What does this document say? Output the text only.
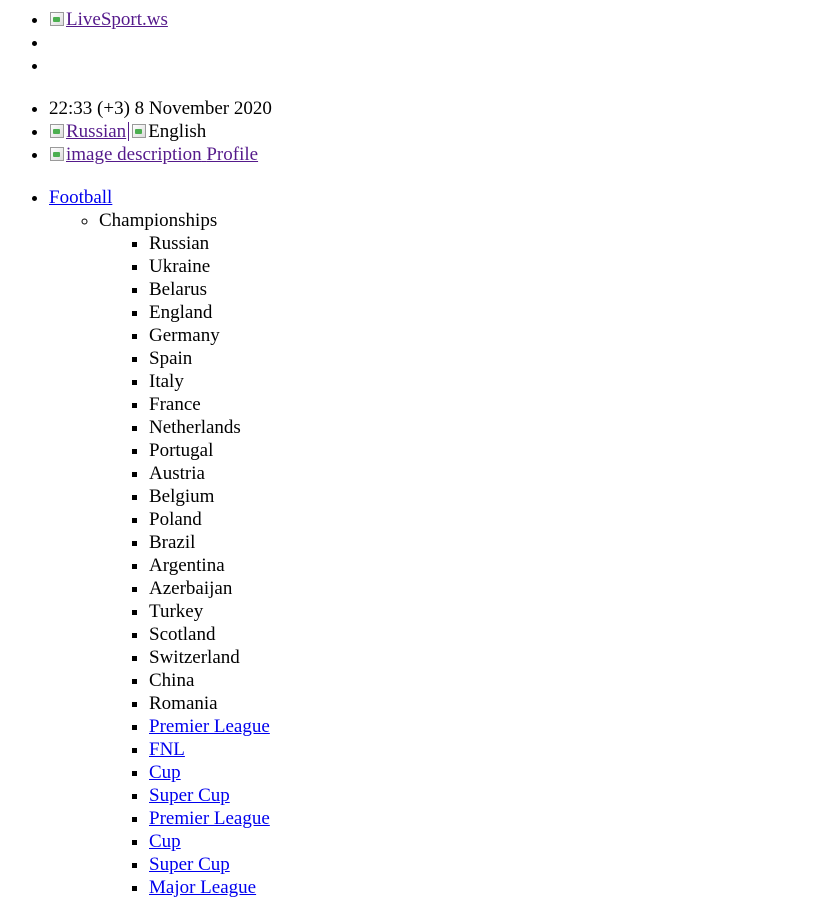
• LiveSport.ws
•
•
• 22:33 (+3) 8 November 2020
• Russian English
• image description Profile
• Football
◦ Championships
▪ Russian
▪ Ukraine
▪ Belarus
▪ England
▪ Germany
▪ Spain
▪ Italy
▪ France
▪ Netherlands
▪ Portugal
▪ Austria
▪ Belgium
▪ Poland
▪ Brazil
▪ Argentina
▪ Azerbaijan
▪ Turkey
▪ Scotland
▪ Switzerland
▪ China
▪ Romania
▪ Premier League
▪ FNL
▪ Cup
▪ Super Cup
▪ Premier League
▪ Cup
▪ Super Cup
▪ Major League
